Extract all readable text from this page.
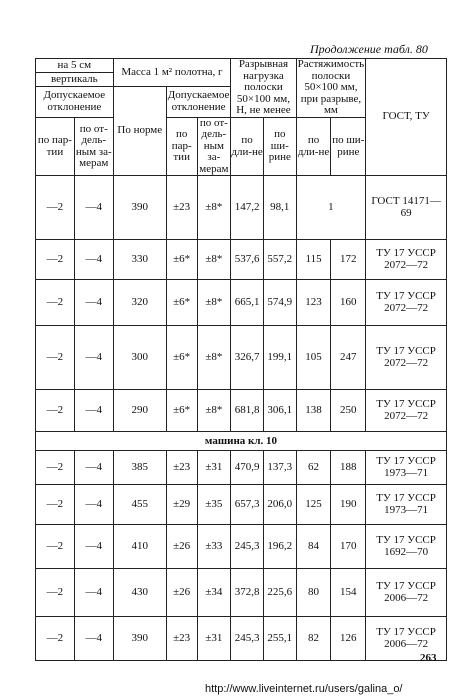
Продолжение табл. 80
на 5 см		Масса 1 м² полотна, г			Разрывная нагрузка полоски 50×100 мм, Н, не менее		Растяжимость полоски 50×100 мм, при разрыве, мм		ГОСТ, ТУ
вертикаль									
Допускаемое отклонение		По норме	Допускаемое отклонение						
по пар-тии	по от-дель-ным за-мерам		по пар-тии	по от-дель-ным за-мерам	по дли-не	по ши-рине	по дли-не	по ши-рине	
—2	—4	390	±23	±8*	147,2	98,1	1		ГОСТ 14171—69
—2	—4	330	±6*	±8*	537,6	557,2	115	172	ТУ 17 УССР 2072—72
—2	—4	320	±6*	±8*	665,1	574,9	123	160	ТУ 17 УССР 2072—72
—2	—4	300	±6*	±8*	326,7	199,1	105	247	ТУ 17 УССР 2072—72
—2	—4	290	±6*	±8*	681,8	306,1	138	250	ТУ 17 УССР 2072—72
машина кл. 10									
—2	—4	385	±23	±31	470,9	137,3	62	188	ТУ 17 УССР 1973—71
—2	—4	455	±29	±35	657,3	206,0	125	190	ТУ 17 УССР 1973—71
—2	—4	410	±26	±33	245,3	196,2	84	170	ТУ 17 УССР 1692—70
—2	—4	430	±26	±34	372,8	225,6	80	154	ТУ 17 УССР 2006—72
—2	—4	390	±23	±31	245,3	255,1	82	126	ТУ 17 УССР 2006—72
263
http://www.liveinternet.ru/users/galina_o/
